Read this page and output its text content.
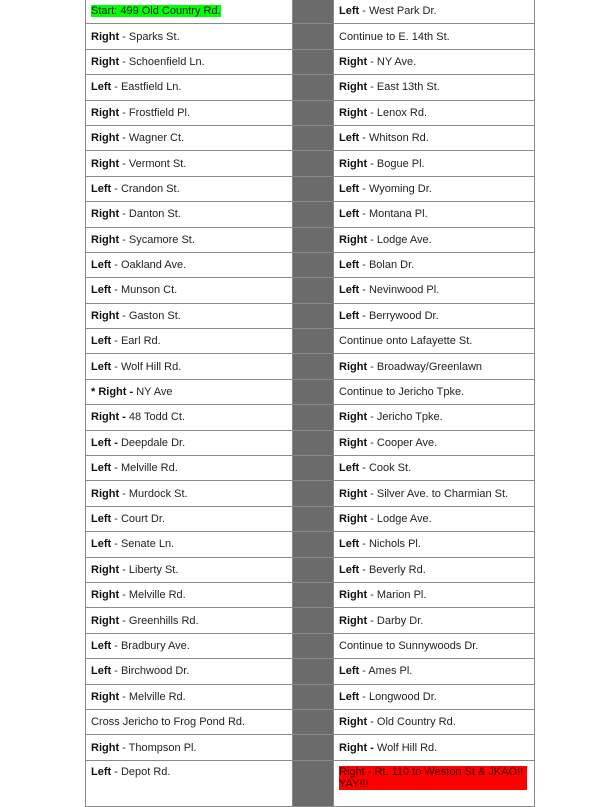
Start: 499 Old Country Rd.		Left - West Park Dr.
Right - Sparks St.		Continue to E. 14th St.
Right - Schoenfield Ln.		Right - NY Ave.
Left - Eastfield Ln.		Right - East 13th St.
Right - Frostfield Pl.		Right - Lenox Rd.
Right - Wagner Ct.		Left - Whitson Rd.
Right - Vermont St.		Right - Bogue Pl.
Left - Crandon St.		Left - Wyoming Dr.
Right - Danton St.		Left - Montana Pl.
Right - Sycamore St.		Right - Lodge Ave.
Left - Oakland Ave.		Left - Bolan Dr.
Left - Munson Ct.		Left - Nevinwood Pl.
Right - Gaston St.		Left - Berrywood Dr.
Left - Earl Rd.		Continue onto Lafayette St.
Left - Wolf Hill Rd.		Right - Broadway/Greenlawn
* Right - NY Ave		Continue to Jericho Tpke.
Right - 48 Todd Ct.		Right - Jericho Tpke.
Left - Deepdale Dr.		Right - Cooper Ave.
Left - Melville Rd.		Left - Cook St.
Right - Murdock St.		Right - Silver Ave. to Charmian St.
Left - Court Dr.		Right - Lodge Ave.
Left - Senate Ln.		Left - Nichols Pl.
Right - Liberty St.		Left - Beverly Rd.
Right - Melville Rd.		Right - Marion Pl.
Right - Greenhills Rd.		Right - Darby Dr.
Left - Bradbury Ave.		Continue to Sunnywoods Dr.
Left - Birchwood Dr.		Left - Ames Pl.
Right - Melville Rd.		Left - Longwood Dr.
Cross Jericho to Frog Pond Rd.		Right - Old Country Rd.
Right - Thompson Pl.		Right - Wolf Hill Rd.
Left - Depot Rd.		Right - Rt. 110 to Weston St & JKAO!! YAY!!!
